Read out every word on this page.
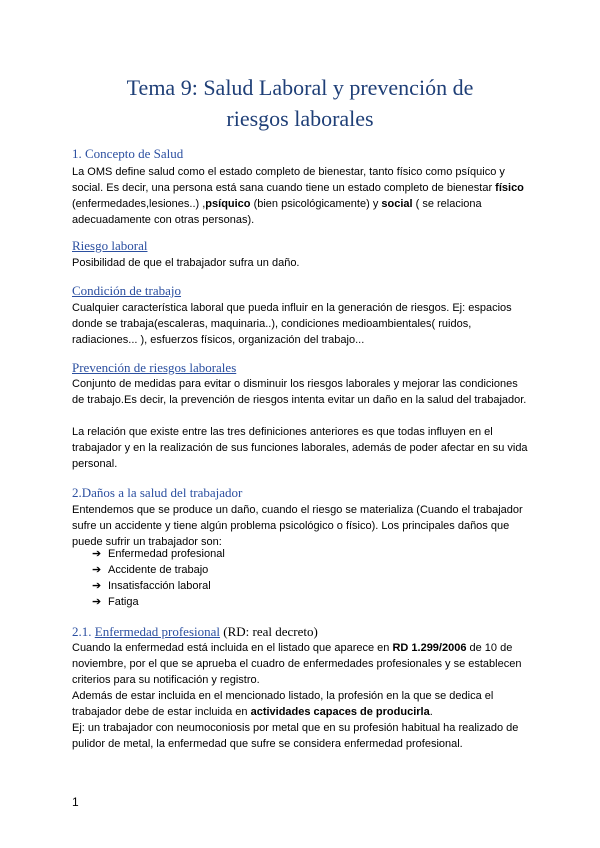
Tema 9: Salud Laboral y prevención de
riesgos laborales
1. Concepto de Salud
La OMS define salud como el estado completo de bienestar, tanto físico como psíquico y social. Es decir, una persona está sana cuando tiene un estado completo de bienestar físico (enfermedades,lesiones..) ,psíquico (bien psicológicamente) y social ( se relaciona adecuadamente con otras personas).
Riesgo laboral
Posibilidad de que el trabajador sufra un daño.
Condición de trabajo
Cualquier característica laboral que pueda influir en la generación de riesgos. Ej: espacios donde se trabaja(escaleras, maquinaria..), condiciones medioambientales( ruidos, radiaciones... ), esfuerzos físicos, organización del trabajo...
Prevención de riesgos laborales
Conjunto de medidas para evitar o disminuir los riesgos laborales y mejorar las condiciones de trabajo.Es decir, la prevención de riesgos intenta evitar un daño en la salud del trabajador.
La relación que existe entre las tres definiciones anteriores es que todas influyen en el trabajador y en la realización de sus funciones laborales, además de poder afectar en su vida personal.
2.Daños a la salud del trabajador
Entendemos que se produce un daño, cuando el riesgo se materializa (Cuando el trabajador sufre un accidente y tiene algún problema psicológico o físico). Los principales daños que puede sufrir un trabajador son:
➔ Enfermedad profesional
➔ Accidente de trabajo
➔ Insatisfacción laboral
➔ Fatiga
2.1. Enfermedad profesional (RD: real decreto)
Cuando la enfermedad está incluida en el listado que aparece en RD 1.299/2006 de 10 de noviembre, por el que se aprueba el cuadro de enfermedades profesionales y se establecen criterios para su notificación y registro.
Además de estar incluida en el mencionado listado, la profesión en la que se dedica el trabajador debe de estar incluida en actividades capaces de producirla.
Ej: un trabajador con neumoconiosis por metal que en su profesión habitual ha realizado de pulidor de metal, la enfermedad que sufre se considera enfermedad profesional.
1
